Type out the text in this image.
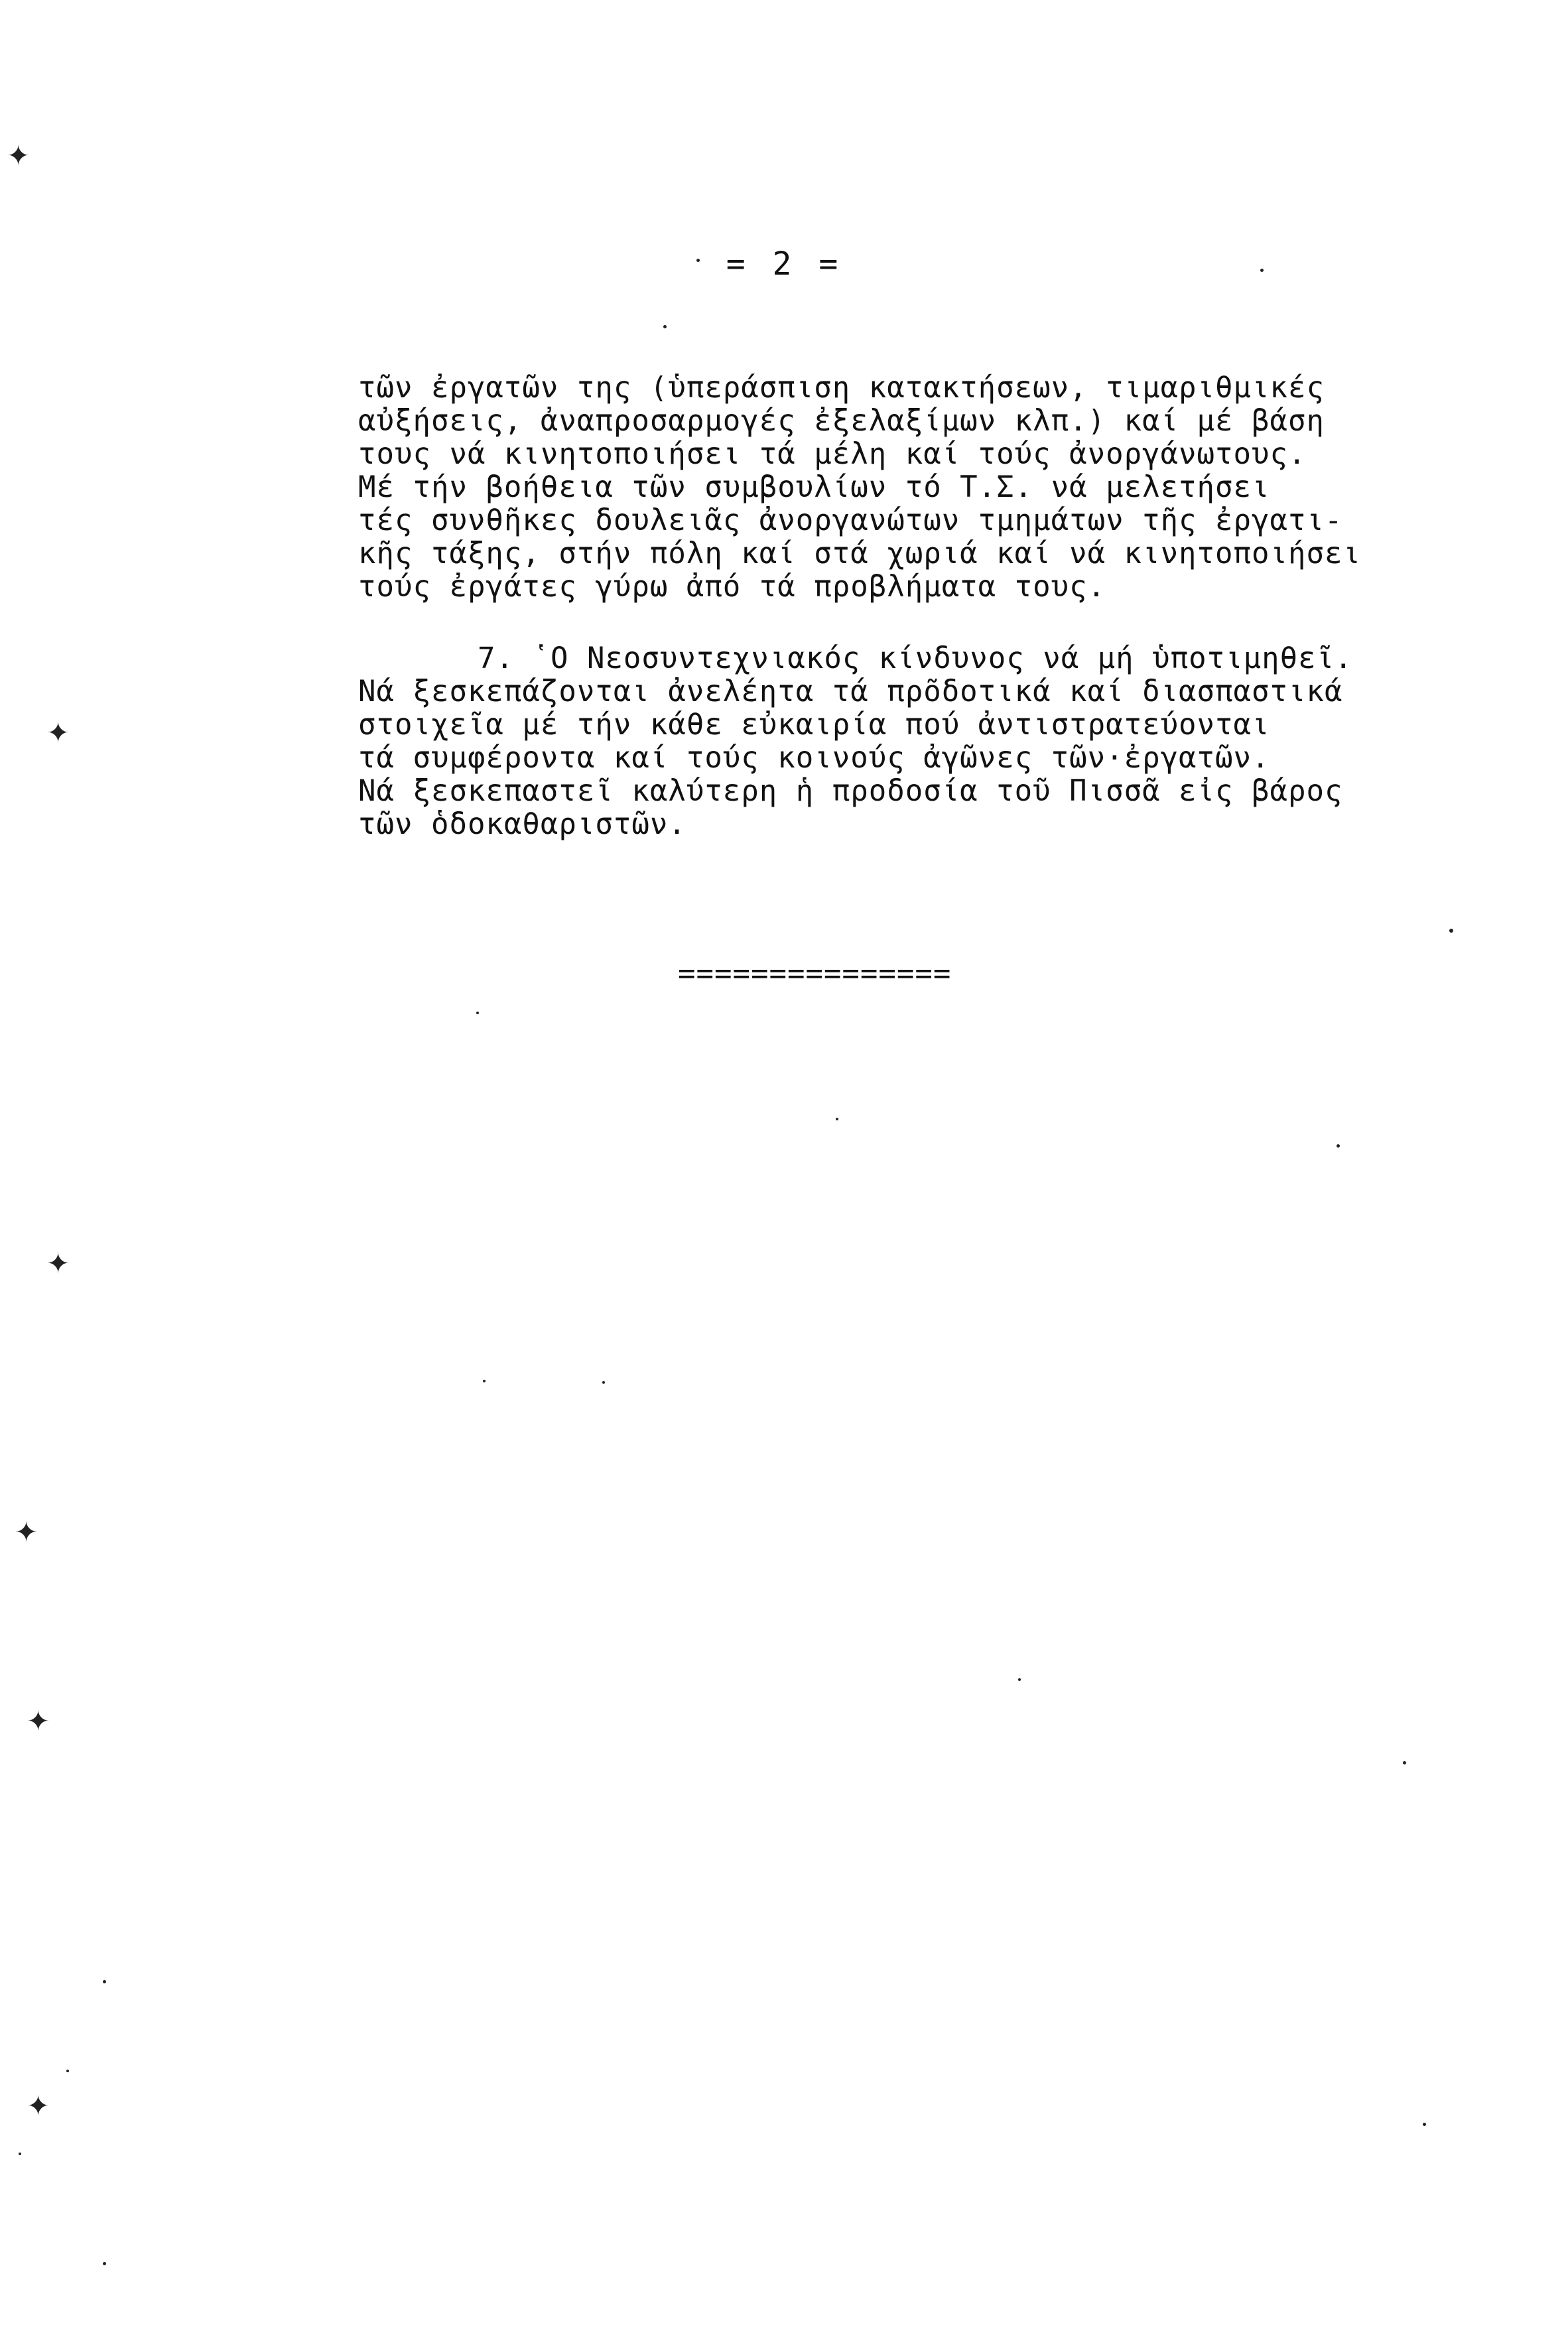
= 2 =
τῶν ἐργατῶν της (ὑπεράσπιση κατακτήσεων, τιμαριθμικές
αὐξήσεις, ἀναπροσαρμογές ἐξελαξίμων κλπ.) καί μέ βάση
τους νά κινητοποιήσει τά μέλη καί τούς ἀνοργάνωτους.
Μέ τήν βοήθεια τῶν συμβουλίων τό Τ.Σ. νά μελετήσει
τές συνθῆκες δουλειᾶς ἀνοργανώτων τμημάτων τῆς ἐργατι-
κῆς τάξης, στήν πόλη καί στά χωριά καί νά κινητοποιήσει
τούς ἐργάτες γύρω ἀπό τά προβλήματα τους.
7. ῾Ο Νεοσυντεχνιακός κίνδυνος νά μή ὑποτιμηθεῖ.
Νά ξεσκεπάζονται ἀνελέητα τά πρõδοτικά καί διασπαστικά
στοιχεῖα μέ τήν κάθε εὐκαιρία πού ἀντιστρατεύονται
τά συμφέροντα καί τούς κοινούς ἀγῶνες τῶν·ἐργατῶν.
Νά ξεσκεπαστεῖ καλύτερη ἡ προδοσία τοῦ Πισσᾶ εἰς βάρος
τῶν ὁδοκαθαριστῶν.
===============
✦
✦
✦
✦
✦
✦
